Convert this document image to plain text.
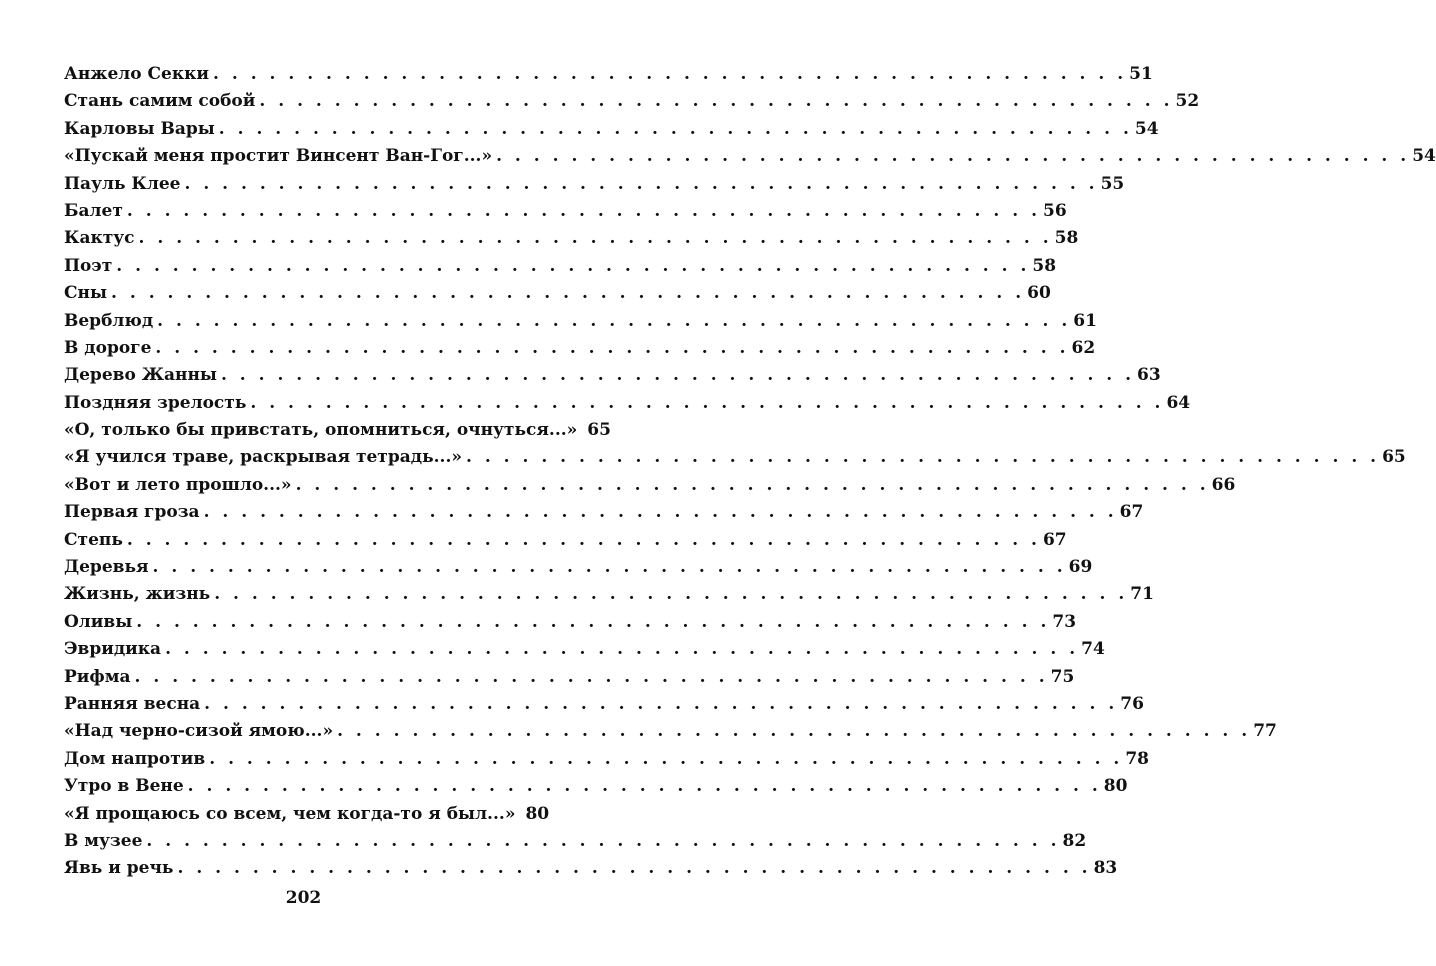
Анжело Секки . . .	51
Стань самим собой . . .	52
Карловы Вары . . .	54
«Пускай меня простит Винсент Ван-Гог...» . . .	54
Пауль Клее . . .	55
Балет . . .	56
Кактус . . .	58
Поэт . . .	58
Сны . . .	60
Верблюд . . .	61
В дороге . . .	62
Дерево Жанны . . .	63
Поздняя зрелость . . .	64
«О, только бы привстать, опомниться, очнуться...» 65
«Я учился траве, раскрывая тетрадь...» . . .	65
«Вот и лето прошло...» . . .	66
Первая гроза . . .	67
Степь . . .	67
Деревья . . .	69
Жизнь, жизнь . . .	71
Оливы . . .	73
Эвридика . . .	74
Рифма . . .	75
Ранняя весна . . .	76
«Над черно-сизой ямою...» . . .	77
Дом напротив . . .	78
Утро в Вене . . .	80
«Я прощаюсь со всем, чем когда-то я был...» 80
В музее . . .	82
Явь и речь . . .	83
202
